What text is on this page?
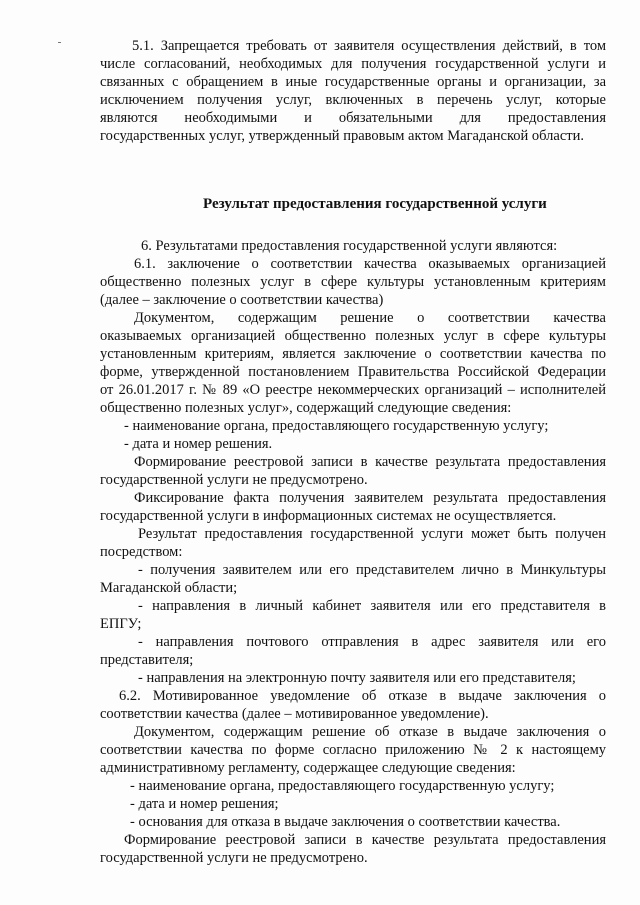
5.1. Запрещается требовать от заявителя осуществления действий, в том
числе согласований, необходимых для получения государственной услуги и
связанных с обращением в иные государственные органы и организации, за
исключением получения услуг, включенных в перечень услуг, которые
являются необходимыми и обязательными для предоставления
государственных услуг, утвержденный правовым актом Магаданской области.
Результат предоставления государственной услуги
6. Результатами предоставления государственной услуги являются:
6.1. заключение о соответствии качества оказываемых организацией
общественно полезных услуг в сфере культуры установленным критериям
(далее – заключение о соответствии качества)
Документом, содержащим решение о соответствии качества
оказываемых организацией общественно полезных услуг в сфере культуры
установленным критериям, является заключение о соответствии качества по
форме, утвержденной постановлением Правительства Российской Федерации
от 26.01.2017 г. № 89 «О реестре некоммерческих организаций – исполнителей
общественно полезных услуг», содержащий следующие сведения:
- наименование органа, предоставляющего государственную услугу;
- дата и номер решения.
Формирование реестровой записи в качестве результата предоставления
государственной услуги не предусмотрено.
Фиксирование факта получения заявителем результата предоставления
государственной услуги в информационных системах не осуществляется.
Результат предоставления государственной услуги может быть получен
посредством:
- получения заявителем или его представителем лично в Минкультуры
Магаданской области;
- направления в личный кабинет заявителя или его представителя в
ЕПГУ;
- направления почтового отправления в адрес заявителя или его
представителя;
- направления на электронную почту заявителя или его представителя;
6.2. Мотивированное уведомление об отказе в выдаче заключения о
соответствии качества (далее – мотивированное уведомление).
Документом, содержащим решение об отказе в выдаче заключения о
соответствии качества по форме согласно приложению № 2 к настоящему
административному регламенту, содержащее следующие сведения:
- наименование органа, предоставляющего государственную услугу;
- дата и номер решения;
- основания для отказа в выдаче заключения о соответствии качества.
Формирование реестровой записи в качестве результата предоставления
государственной услуги не предусмотрено.
